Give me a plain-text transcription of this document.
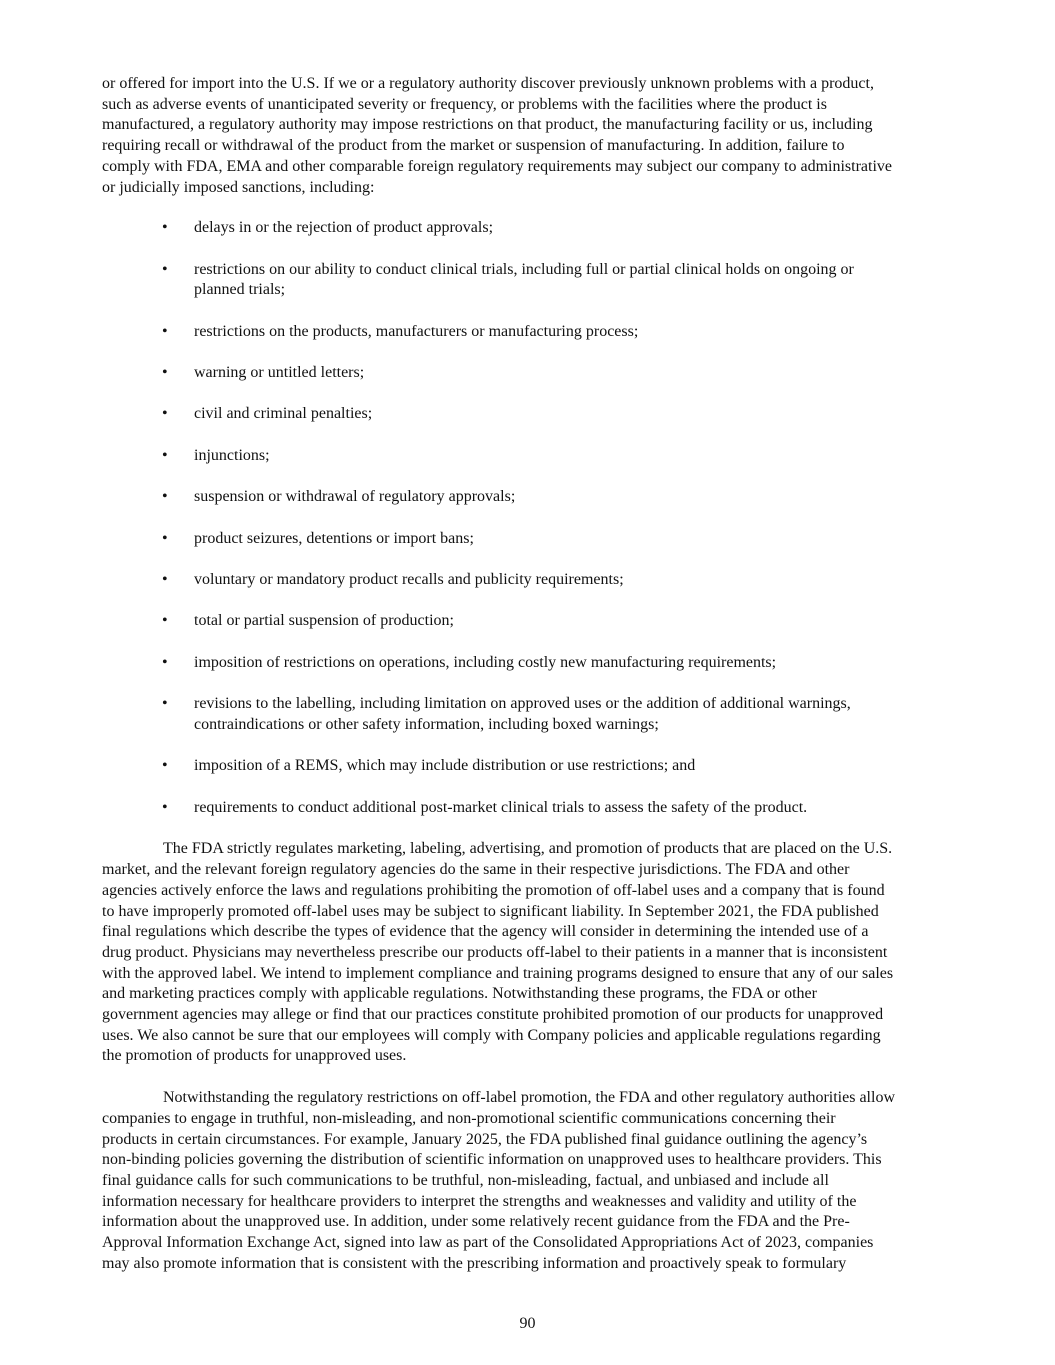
or offered for import into the U.S. If we or a regulatory authority discover previously unknown problems with a product,
such as adverse events of unanticipated severity or frequency, or problems with the facilities where the product is
manufactured, a regulatory authority may impose restrictions on that product, the manufacturing facility or us, including
requiring recall or withdrawal of the product from the market or suspension of manufacturing. In addition, failure to
comply with FDA, EMA and other comparable foreign regulatory requirements may subject our company to administrative
or judicially imposed sanctions, including:

• delays in or the rejection of product approvals;
• restrictions on our ability to conduct clinical trials, including full or partial clinical holds on ongoing or
planned trials;
• restrictions on the products, manufacturers or manufacturing process;
• warning or untitled letters;
• civil and criminal penalties;
• injunctions;
• suspension or withdrawal of regulatory approvals;
• product seizures, detentions or import bans;
• voluntary or mandatory product recalls and publicity requirements;
• total or partial suspension of production;
• imposition of restrictions on operations, including costly new manufacturing requirements;
• revisions to the labelling, including limitation on approved uses or the addition of additional warnings,
contraindications or other safety information, including boxed warnings;
• imposition of a REMS, which may include distribution or use restrictions; and
• requirements to conduct additional post-market clinical trials to assess the safety of the product.

The FDA strictly regulates marketing, labeling, advertising, and promotion of products that are placed on the U.S.
market, and the relevant foreign regulatory agencies do the same in their respective jurisdictions. The FDA and other
agencies actively enforce the laws and regulations prohibiting the promotion of off-label uses and a company that is found
to have improperly promoted off-label uses may be subject to significant liability. In September 2021, the FDA published
final regulations which describe the types of evidence that the agency will consider in determining the intended use of a
drug product. Physicians may nevertheless prescribe our products off-label to their patients in a manner that is inconsistent
with the approved label. We intend to implement compliance and training programs designed to ensure that any of our sales
and marketing practices comply with applicable regulations. Notwithstanding these programs, the FDA or other
government agencies may allege or find that our practices constitute prohibited promotion of our products for unapproved
uses. We also cannot be sure that our employees will comply with Company policies and applicable regulations regarding
the promotion of products for unapproved uses.

Notwithstanding the regulatory restrictions on off-label promotion, the FDA and other regulatory authorities allow
companies to engage in truthful, non-misleading, and non-promotional scientific communications concerning their
products in certain circumstances. For example, January 2025, the FDA published final guidance outlining the agency’s
non-binding policies governing the distribution of scientific information on unapproved uses to healthcare providers. This
final guidance calls for such communications to be truthful, non-misleading, factual, and unbiased and include all
information necessary for healthcare providers to interpret the strengths and weaknesses and validity and utility of the
information about the unapproved use. In addition, under some relatively recent guidance from the FDA and the Pre-
Approval Information Exchange Act, signed into law as part of the Consolidated Appropriations Act of 2023, companies
may also promote information that is consistent with the prescribing information and proactively speak to formulary

90
